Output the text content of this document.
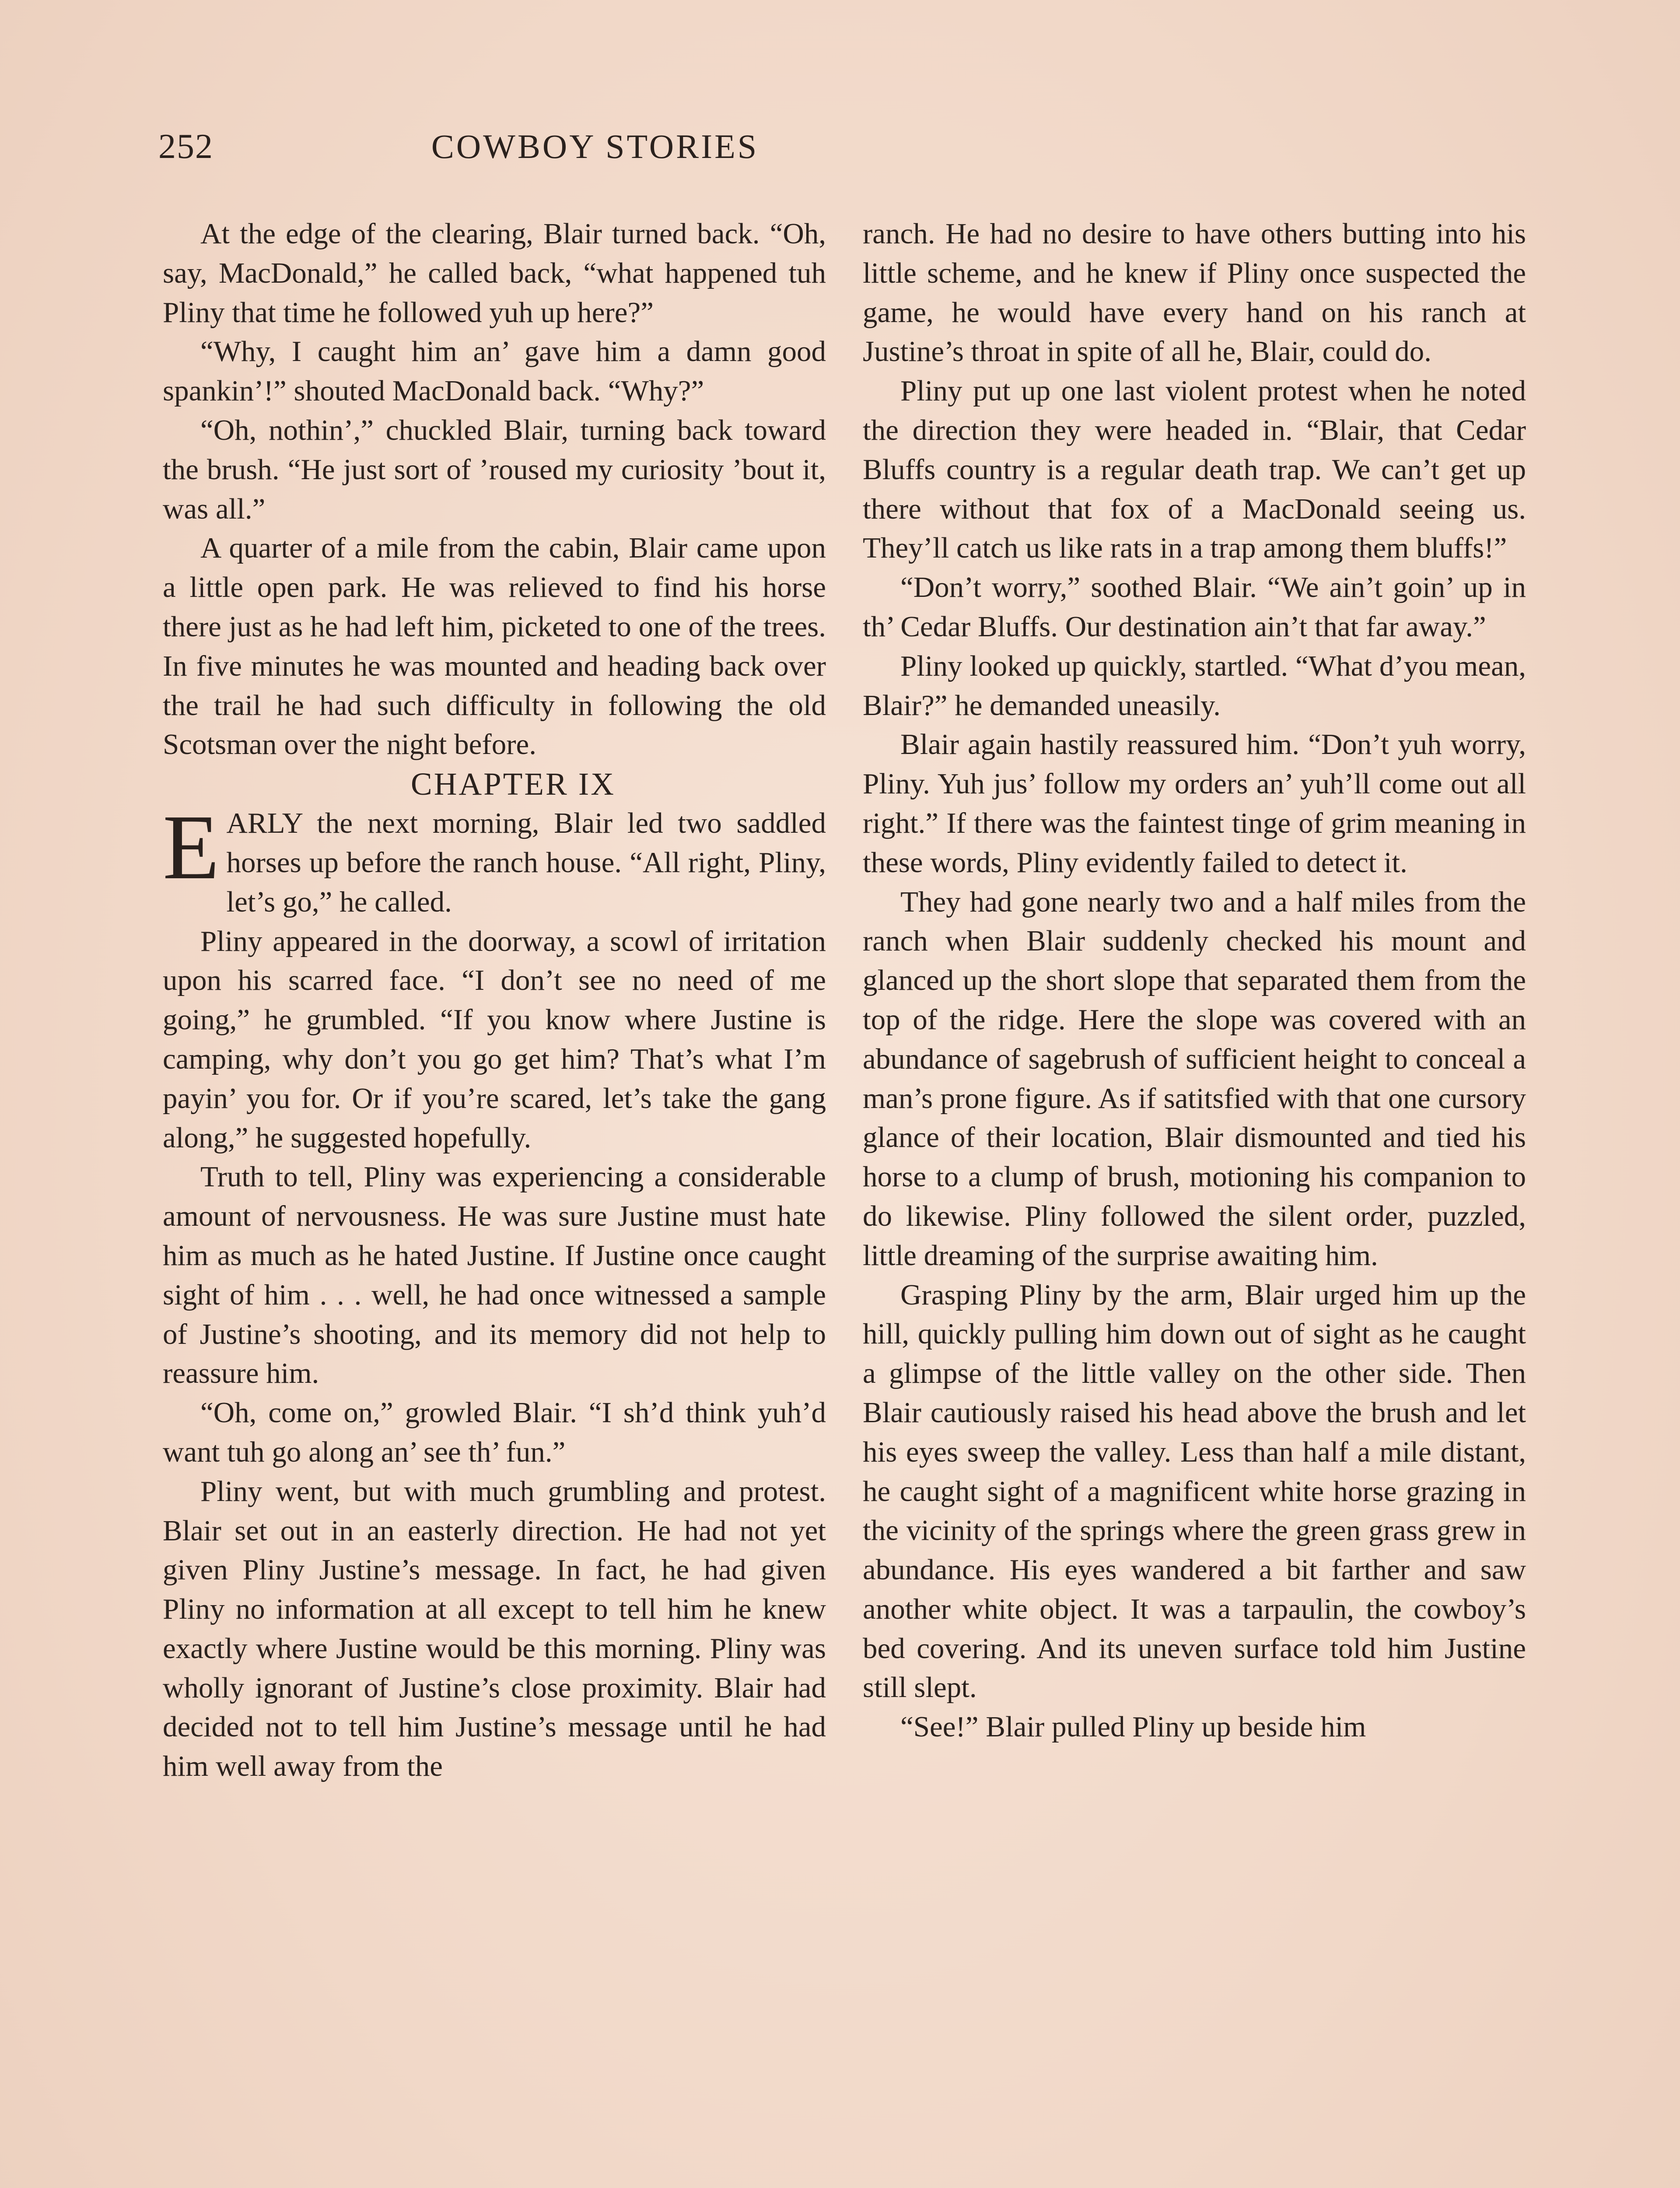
252	COWBOY STORIES

At the edge of the clearing, Blair turned back. “Oh, say, MacDonald,” he called back, “what happened tuh Pliny that time he followed yuh up here?”

“Why, I caught him an’ gave him a damn good spankin’!” shouted MacDonald back. “Why?”

“Oh, nothin’,” chuckled Blair, turning back toward the brush. “He just sort of ’roused my curiosity ’bout it, was all.”

A quarter of a mile from the cabin, Blair came upon a little open park. He was relieved to find his horse there just as he had left him, picketed to one of the trees. In five minutes he was mounted and heading back over the trail he had such difficulty in following the old Scotsman over the night before.

CHAPTER IX

EARLY the next morning, Blair led two saddled horses up before the ranch house. “All right, Pliny, let’s go,” he called.

Pliny appeared in the doorway, a scowl of irritation upon his scarred face. “I don’t see no need of me going,” he grumbled. “If you know where Justine is camping, why don’t you go get him? That’s what I’m payin’ you for. Or if you’re scared, let’s take the gang along,” he suggested hopefully.

Truth to tell, Pliny was experiencing a considerable amount of nervousness. He was sure Justine must hate him as much as he hated Justine. If Justine once caught sight of him . . . well, he had once witnessed a sample of Justine’s shooting, and its memory did not help to reassure him.

“Oh, come on,” growled Blair. “I sh’d think yuh’d want tuh go along an’ see th’ fun.”

Pliny went, but with much grumbling and protest. Blair set out in an easterly direction. He had not yet given Pliny Justine’s message. In fact, he had given Pliny no information at all except to tell him he knew exactly where Justine would be this morning. Pliny was wholly ignorant of Justine’s close proximity. Blair had decided not to tell him Justine’s message until he had him well away from the

ranch. He had no desire to have others butting into his little scheme, and he knew if Pliny once suspected the game, he would have every hand on his ranch at Justine’s throat in spite of all he, Blair, could do.

Pliny put up one last violent protest when he noted the direction they were headed in. “Blair, that Cedar Bluffs country is a regular death trap. We can’t get up there without that fox of a MacDonald seeing us. They’ll catch us like rats in a trap among them bluffs!”

“Don’t worry,” soothed Blair. “We ain’t goin’ up in th’ Cedar Bluffs. Our destination ain’t that far away.”

Pliny looked up quickly, startled. “What d’you mean, Blair?” he demanded uneasily.

Blair again hastily reassured him. “Don’t yuh worry, Pliny. Yuh jus’ follow my orders an’ yuh’ll come out all right.” If there was the faintest tinge of grim meaning in these words, Pliny evidently failed to detect it.

They had gone nearly two and a half miles from the ranch when Blair suddenly checked his mount and glanced up the short slope that separated them from the top of the ridge. Here the slope was covered with an abundance of sagebrush of sufficient height to conceal a man’s prone figure. As if satitsfied with that one cursory glance of their location, Blair dismounted and tied his horse to a clump of brush, motioning his companion to do likewise. Pliny followed the silent order, puzzled, little dreaming of the surprise awaiting him.

Grasping Pliny by the arm, Blair urged him up the hill, quickly pulling him down out of sight as he caught a glimpse of the little valley on the other side. Then Blair cautiously raised his head above the brush and let his eyes sweep the valley. Less than half a mile distant, he caught sight of a magnificent white horse grazing in the vicinity of the springs where the green grass grew in abundance. His eyes wandered a bit farther and saw another white object. It was a tarpaulin, the cowboy’s bed covering. And its uneven surface told him Justine still slept.

“See!” Blair pulled Pliny up beside him
